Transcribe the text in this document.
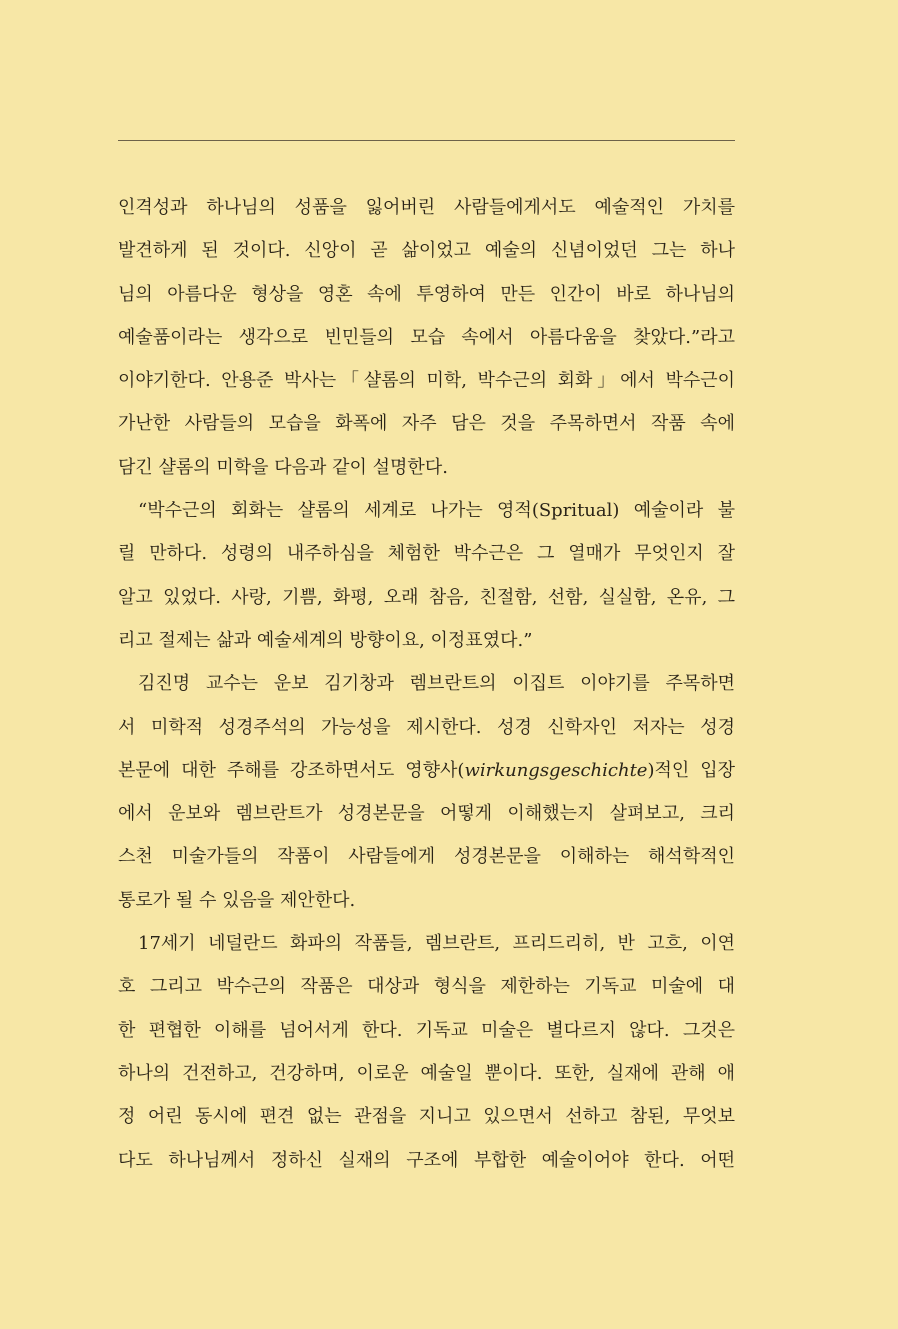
인격성과 하나님의 성품을 잃어버린 사람들에게서도 예술적인 가치를
발견하게 된 것이다. 신앙이 곧 삶이었고 예술의 신념이었던 그는 하나
님의 아름다운 형상을 영혼 속에 투영하여 만든 인간이 바로 하나님의
예술품이라는 생각으로 빈민들의 모습 속에서 아름다움을 찾았다.”라고
이야기한다. 안용준 박사는「샬롬의 미학, 박수근의 회화」에서 박수근이
가난한 사람들의 모습을 화폭에 자주 담은 것을 주목하면서 작품 속에
담긴 샬롬의 미학을 다음과 같이 설명한다.
“박수근의 회화는 샬롬의 세계로 나가는 영적(Spritual) 예술이라 불
릴 만하다. 성령의 내주하심을 체험한 박수근은 그 열매가 무엇인지 잘
알고 있었다. 사랑, 기쁨, 화평, 오래 참음, 친절함, 선함, 실실함, 온유, 그
리고 절제는 삶과 예술세계의 방향이요, 이정표였다.”
김진명 교수는 운보 김기창과 렘브란트의 이집트 이야기를 주목하면
서 미학적 성경주석의 가능성을 제시한다. 성경 신학자인 저자는 성경
본문에 대한 주해를 강조하면서도 영향사(wirkungsgeschichte)적인 입장
에서 운보와 렘브란트가 성경본문을 어떻게 이해했는지 살펴보고, 크리
스천 미술가들의 작품이 사람들에게 성경본문을 이해하는 해석학적인
통로가 될 수 있음을 제안한다.
17세기 네덜란드 화파의 작품들, 렘브란트, 프리드리히, 반 고흐, 이연
호 그리고 박수근의 작품은 대상과 형식을 제한하는 기독교 미술에 대
한 편협한 이해를 넘어서게 한다. 기독교 미술은 별다르지 않다. 그것은
하나의 건전하고, 건강하며, 이로운 예술일 뿐이다. 또한, 실재에 관해 애
정 어린 동시에 편견 없는 관점을 지니고 있으면서 선하고 참된, 무엇보
다도 하나님께서 정하신 실재의 구조에 부합한 예술이어야 한다. 어떤
